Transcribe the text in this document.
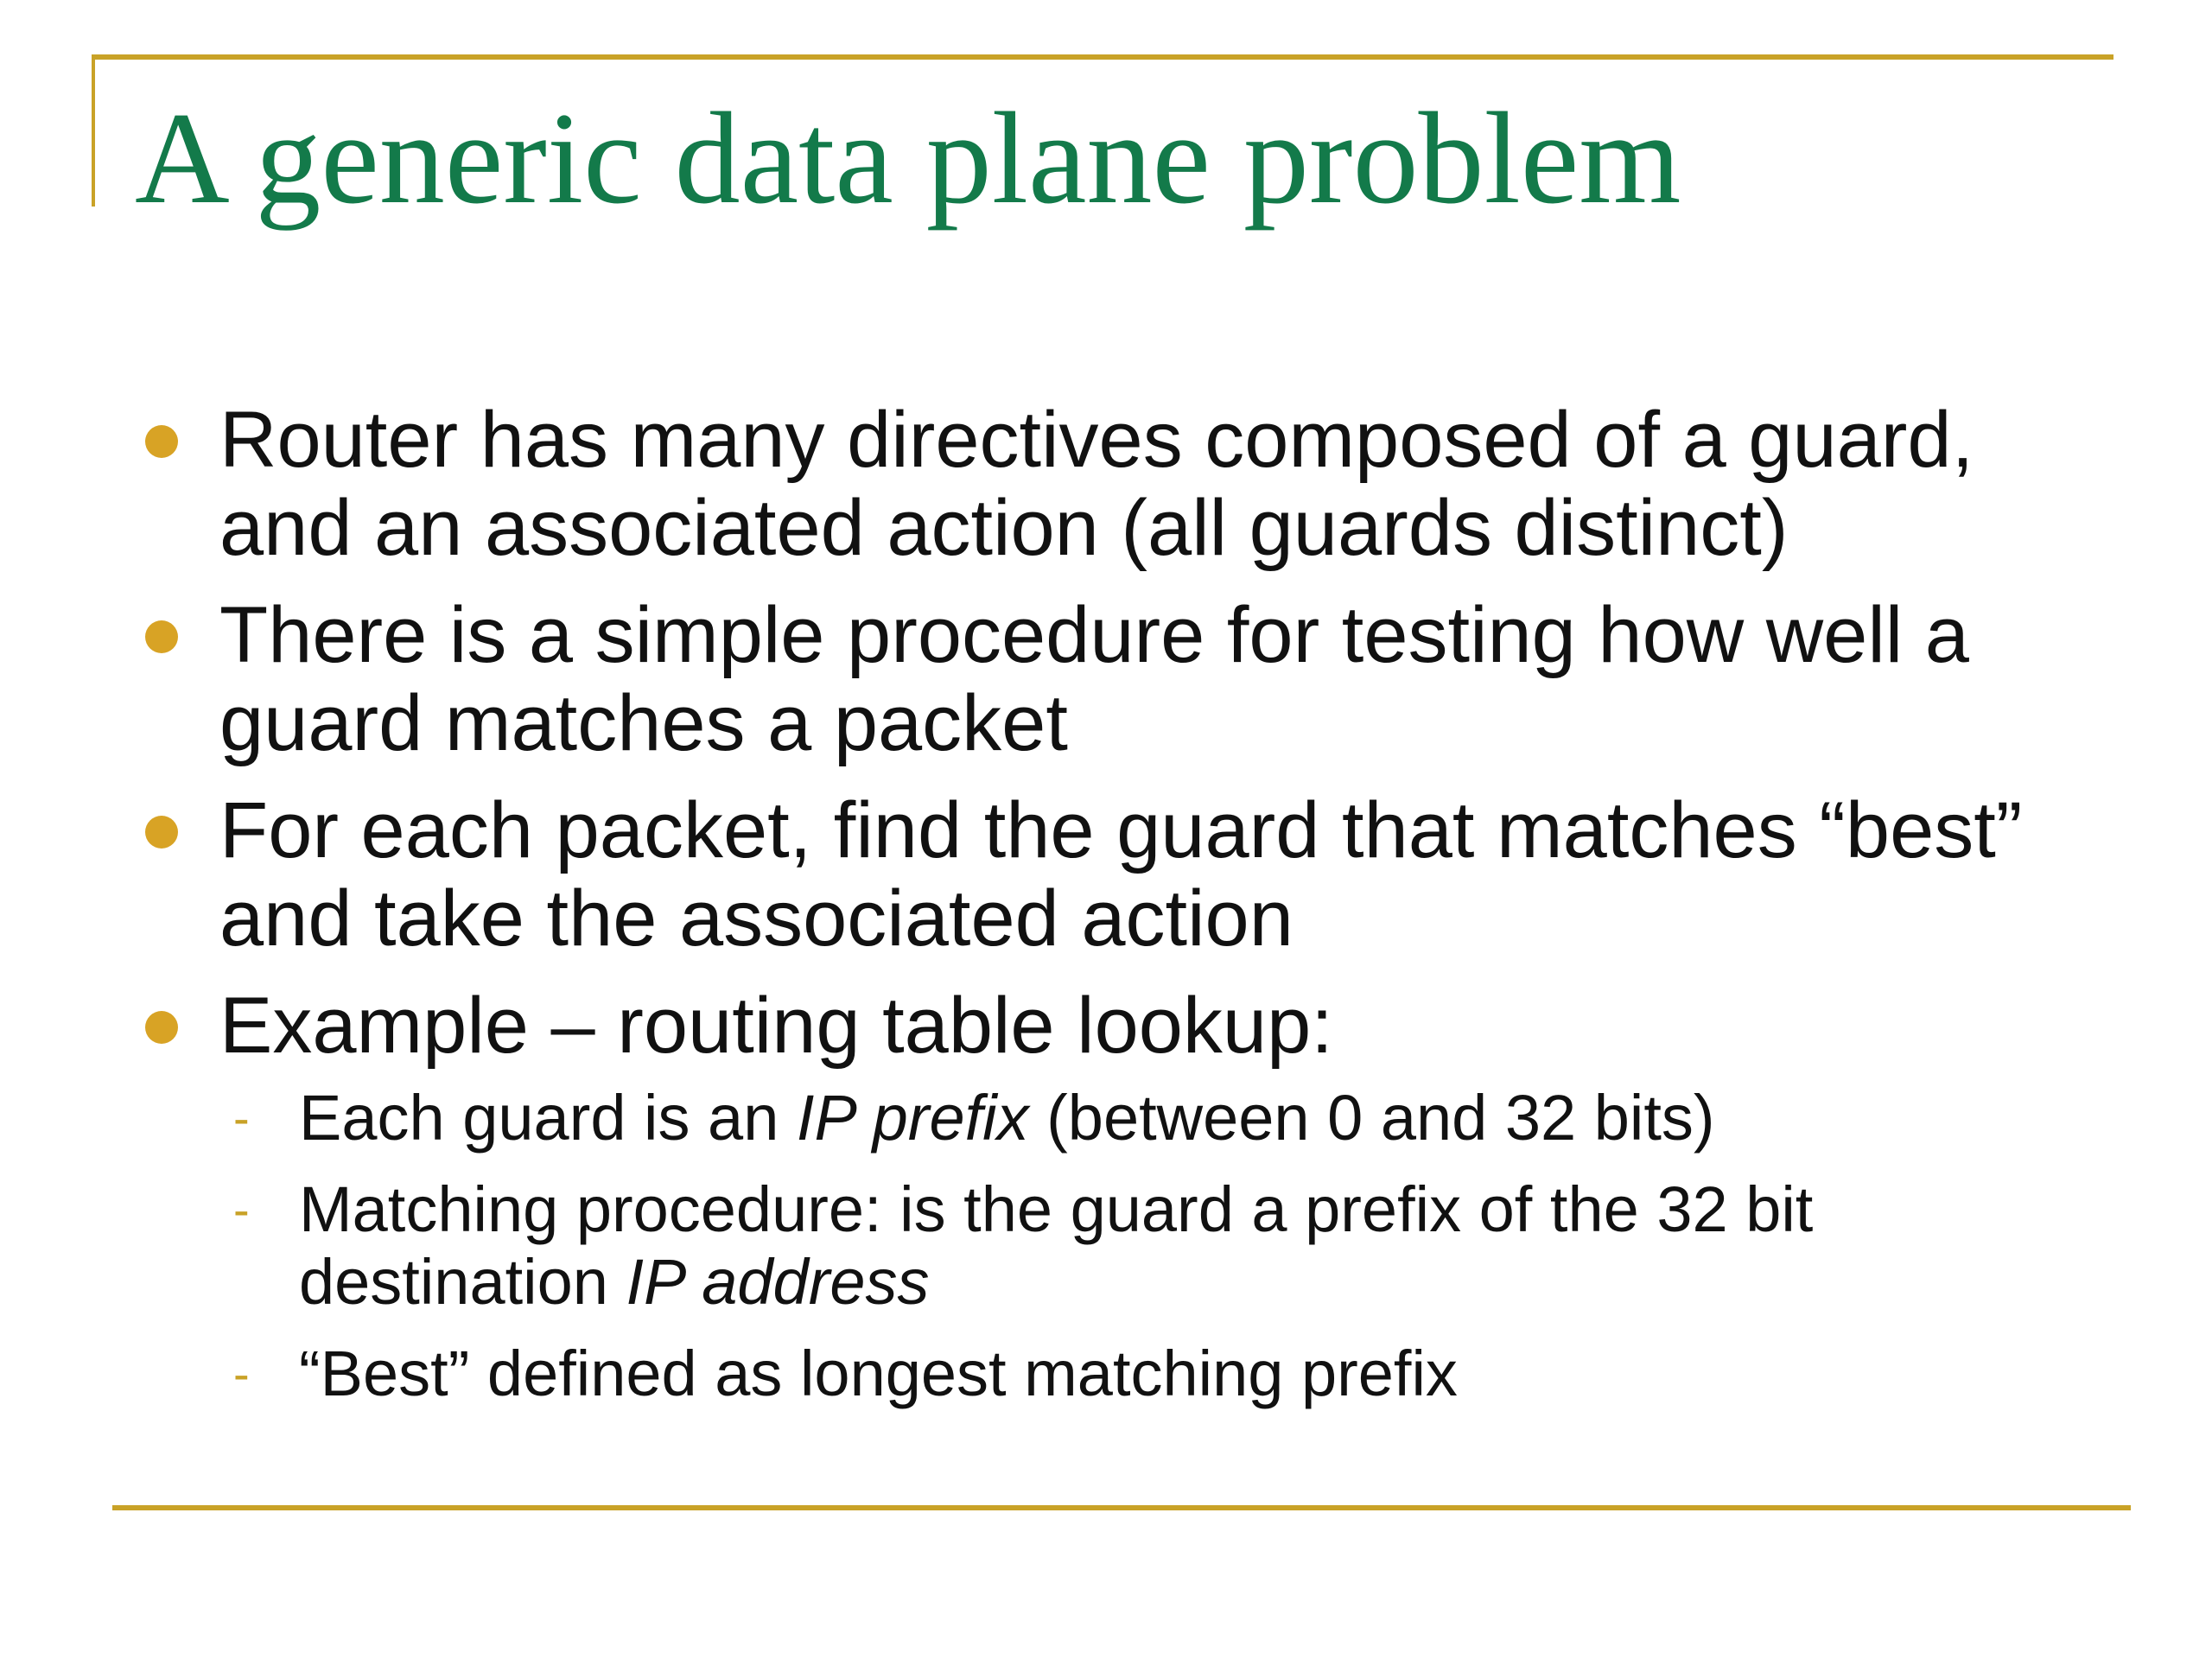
A generic data plane problem
Router has many directives composed of a guard, and an associated action (all guards distinct)
There is a simple procedure for testing how well a guard matches a packet
For each packet, find the guard that matches “best” and take the associated action
Example – routing table lookup:
- Each guard is an IP prefix (between 0 and 32 bits)
- Matching procedure: is the guard a prefix of the 32 bit destination IP address
- “Best” defined as longest matching prefix
